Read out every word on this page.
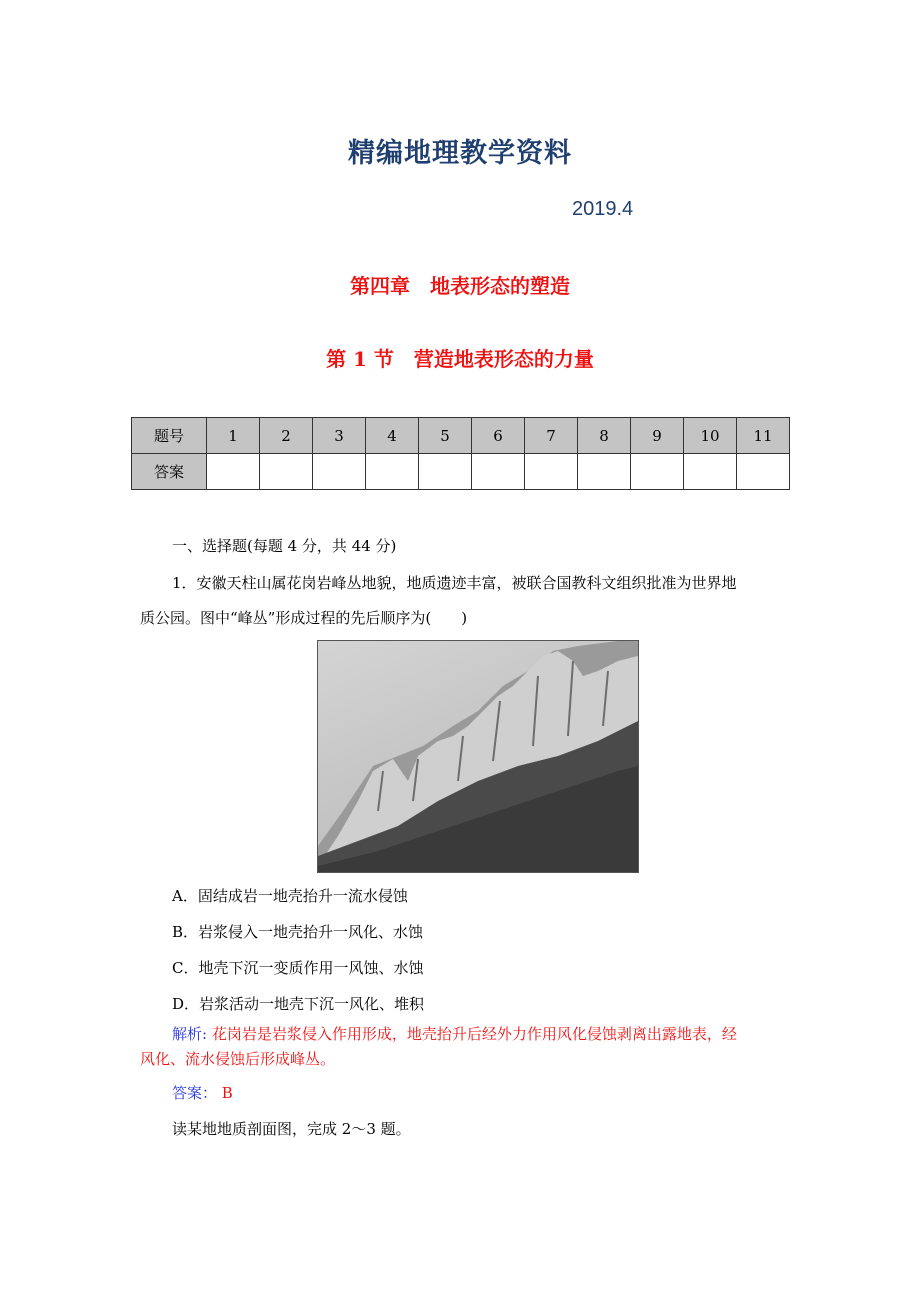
精编地理教学资料
2019.4
第四章　地表形态的塑造
第 1 节　营造地表形态的力量
题号	1	2	3	4	5	6	7	8	9	10	11
答案											
一、选择题(每题 4 分，共 44 分)
1．安徽天柱山属花岗岩峰丛地貌，地质遗迹丰富，被联合国教科文组织批准为世界地
质公园。图中“峰丛”形成过程的先后顺序为(　　)
A．固结成岩一地壳抬升一流水侵蚀
B．岩浆侵入一地壳抬升一风化、水蚀
C．地壳下沉一变质作用一风蚀、水蚀
D．岩浆活动一地壳下沉一风化、堆积
解析: 花岗岩是岩浆侵入作用形成，地壳抬升后经外力作用风化侵蚀剥离出露地表，经
风化、流水侵蚀后形成峰丛。
答案： B
读某地地质剖面图，完成 2～3 题。
